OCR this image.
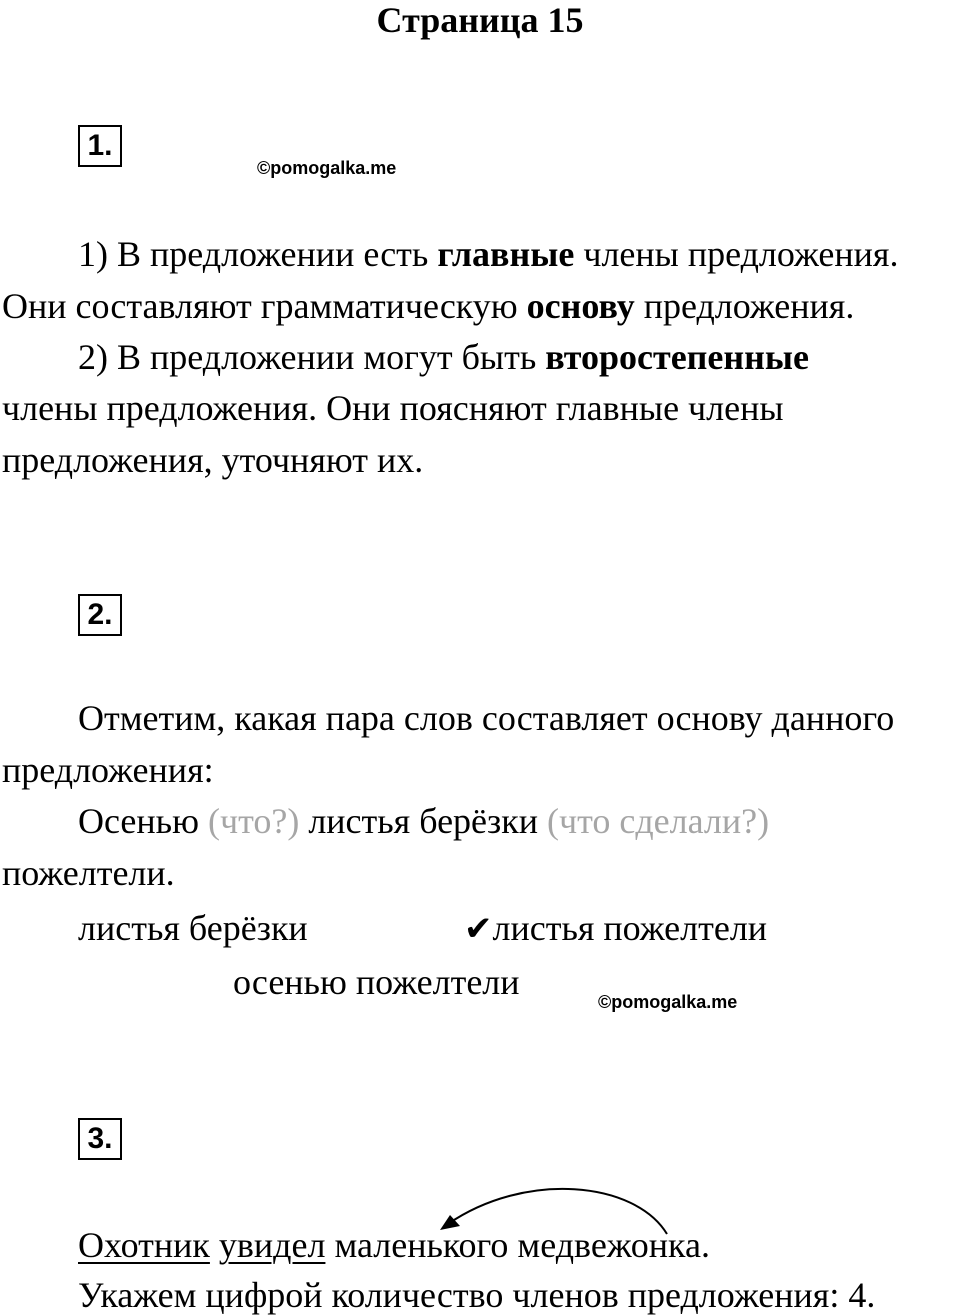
Страница 15
1.
©pomogalka.me
1) В предложении есть главные члены предложения.
Они составляют грамматическую основу предложения.
2) В предложении могут быть второстепенные
члены предложения. Они поясняют главные члены
предложения, уточняют их.
2.
Отметим, какая пара слов составляет основу данного
предложения:
Осенью (что?) листья берёзки (что сделали?)
пожелтели.
листья берёзки	✔листья пожелтели
осенью пожелтели	©pomogalka.me
3.
Охотник увидел маленького медвежонка.
Укажем цифрой количество членов предложения: 4.
